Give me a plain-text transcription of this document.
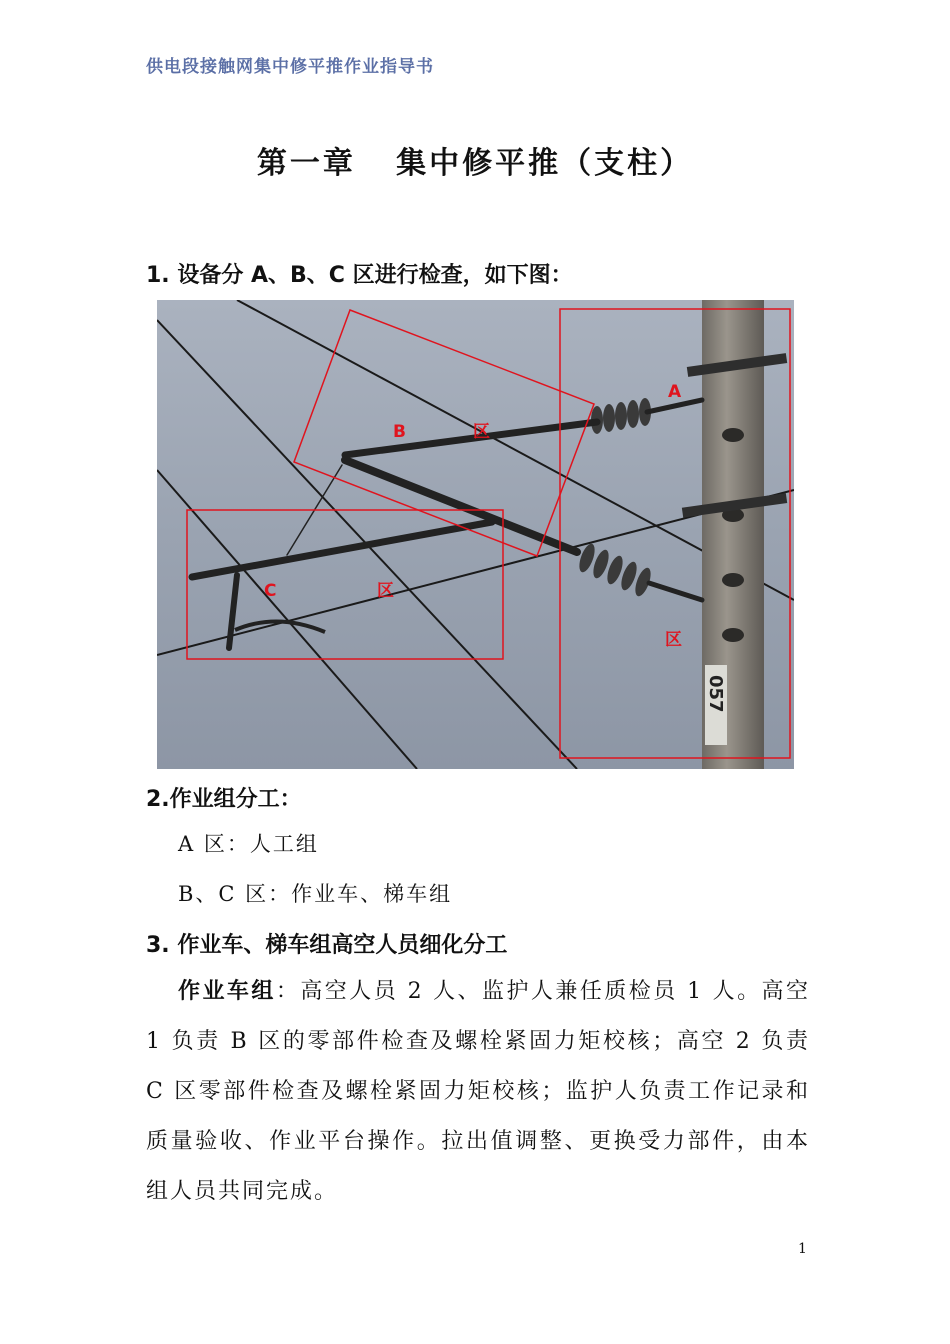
供电段接触网集中修平推作业指导书
第一章   集中修平推（支柱）
1. 设备分 A、B、C 区进行检查，如下图：
057
A
B	区
C	区
区
2.作业组分工：
A 区：人工组
B、C 区：作业车、梯车组
3. 作业车、梯车组高空人员细化分工
作业车组：高空人员 2 人、监护人兼任质检员 1 人。高空 1 负责 B 区的零部件检查及螺栓紧固力矩校核；高空 2 负责 C 区零部件检查及螺栓紧固力矩校核；监护人负责工作记录和质量验收、作业平台操作。拉出值调整、更换受力部件，由本组人员共同完成。
1
